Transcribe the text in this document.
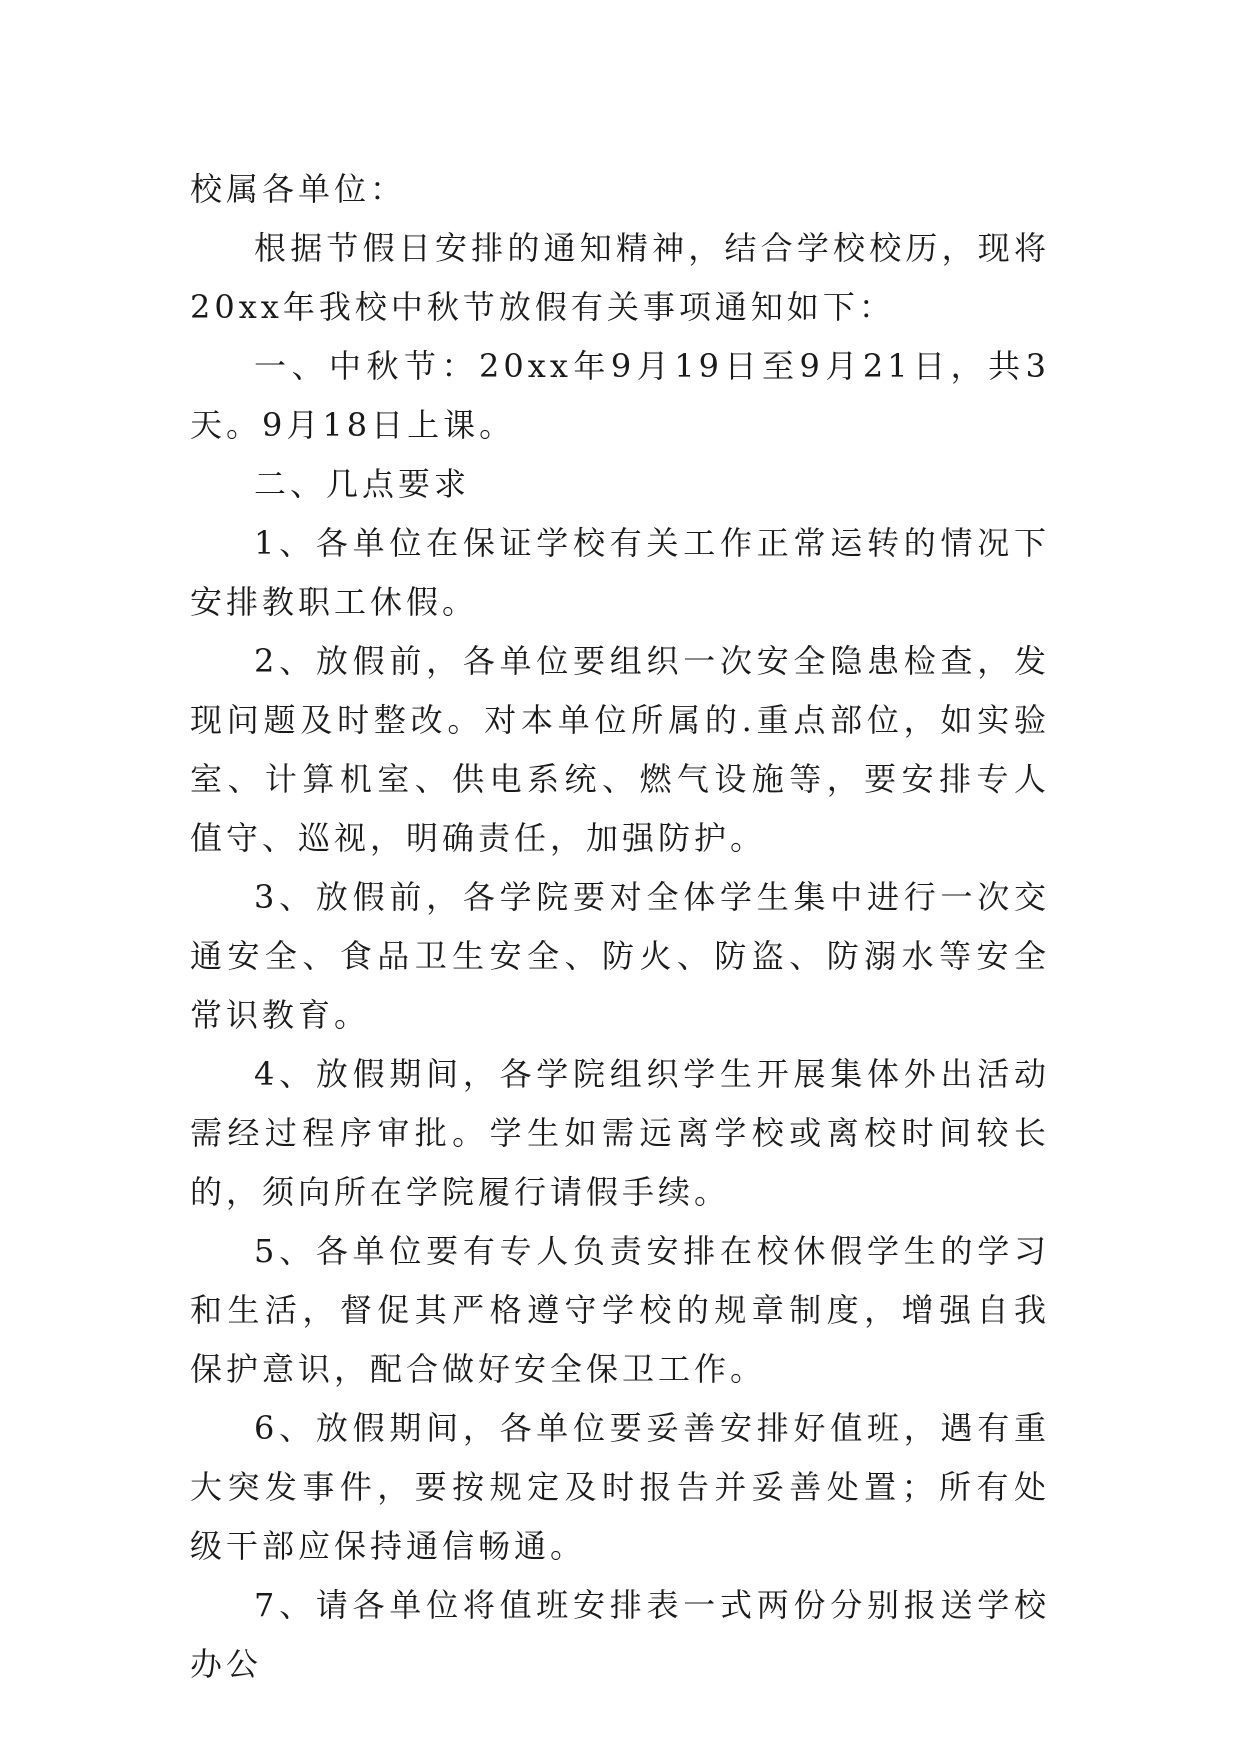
校属各单位：

根据节假日安排的通知精神，结合学校校历，现将20xx年我校中秋节放假有关事项通知如下：

一、中秋节：20xx年9月19日至9月21日，共3天。9月18日上课。

二、几点要求

1、各单位在保证学校有关工作正常运转的情况下安排教职工休假。

2、放假前，各单位要组织一次安全隐患检查，发现问题及时整改。对本单位所属的.重点部位，如实验室、计算机室、供电系统、燃气设施等，要安排专人值守、巡视，明确责任，加强防护。

3、放假前，各学院要对全体学生集中进行一次交通安全、食品卫生安全、防火、防盗、防溺水等安全常识教育。

4、放假期间，各学院组织学生开展集体外出活动需经过程序审批。学生如需远离学校或离校时间较长的，须向所在学院履行请假手续。

5、各单位要有专人负责安排在校休假学生的学习和生活，督促其严格遵守学校的规章制度，增强自我保护意识，配合做好安全保卫工作。

6、放假期间，各单位要妥善安排好值班，遇有重大突发事件，要按规定及时报告并妥善处置；所有处级干部应保持通信畅通。

7、请各单位将值班安排表一式两份分别报送学校办公
